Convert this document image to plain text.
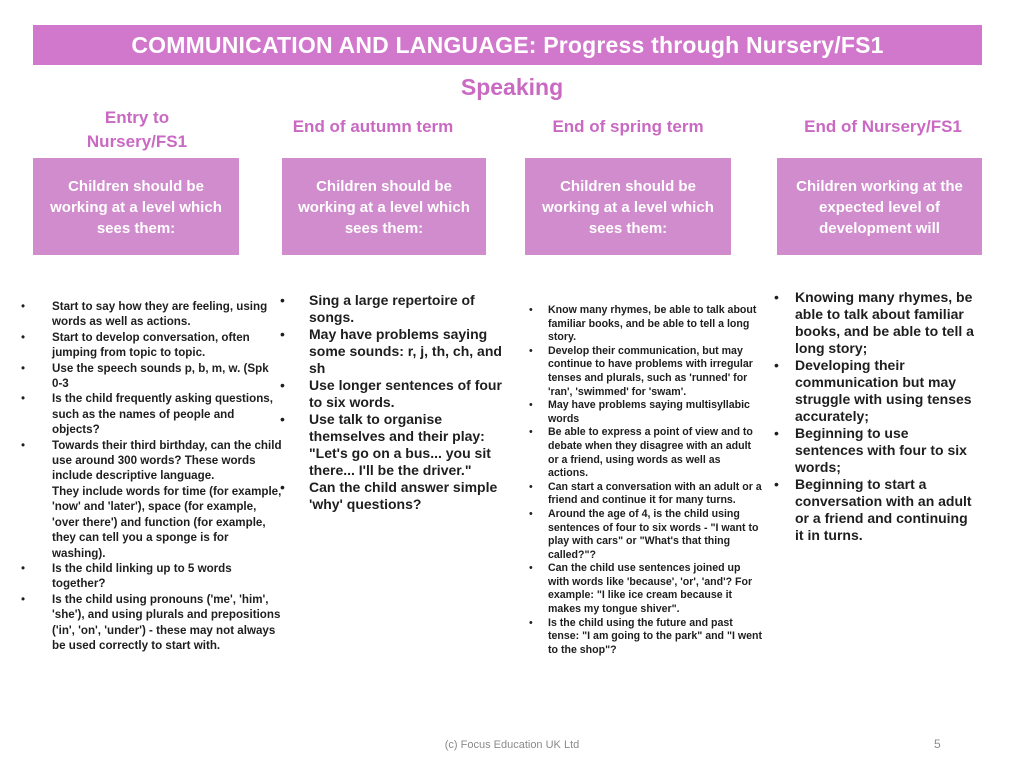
COMMUNICATION AND LANGUAGE: Progress through Nursery/FS1
Speaking
Entry to Nursery/FS1
End of autumn term	End of spring term	End of Nursery/FS1
Children should be working at a level which sees them:
Children should be working at a level which sees them:
Children should be working at a level which sees them:
Children working at the expected level of development will
• Start to say how they are feeling, using words as well as actions.
• Start to develop conversation, often jumping from topic to topic.
• Use the speech sounds p, b, m, w. (Spk 0-3
• Is the child frequently asking questions, such as the names of people and objects?
• Towards their third birthday, can the child use around 300 words? These words include descriptive language.
They include words for time (for example, 'now' and 'later'), space (for example, 'over there') and function (for example, they can tell you a sponge is for washing).
• Is the child linking up to 5 words together?
• Is the child using pronouns ('me', 'him', 'she'), and using plurals and prepositions ('in', 'on', 'under') - these may not always be used correctly to start with.
• Sing a large repertoire of songs.
• May have problems saying some sounds: r, j, th, ch, and sh
• Use longer sentences of four to six words.
• Use talk to organise themselves and their play: "Let's go on a bus... you sit there... I'll be the driver."
• Can the child answer simple 'why' questions?
• Know many rhymes, be able to talk about familiar books, and be able to tell a long story.
• Develop their communication, but may continue to have problems with irregular tenses and plurals, such as 'runned' for 'ran', 'swimmed' for 'swam'.
• May have problems saying multisyllabic words
• Be able to express a point of view and to debate when they disagree with an adult or a friend, using words as well as actions.
• Can start a conversation with an adult or a friend and continue it for many turns.
• Around the age of 4, is the child using sentences of four to six words - "I want to play with cars" or "What's that thing called?"?
• Can the child use sentences joined up with words like 'because', 'or', 'and'? For example: "I like ice cream because it makes my tongue shiver".
• Is the child using the future and past tense: "I am going to the park" and "I went to the shop"?
• Knowing many rhymes, be able to talk about familiar books, and be able to tell a long story;
• Developing their communication but may struggle with using tenses accurately;
• Beginning to use sentences with four to six words;
• Beginning to start a conversation with an adult or a friend and continuing it in turns.
(c) Focus Education UK Ltd	5
